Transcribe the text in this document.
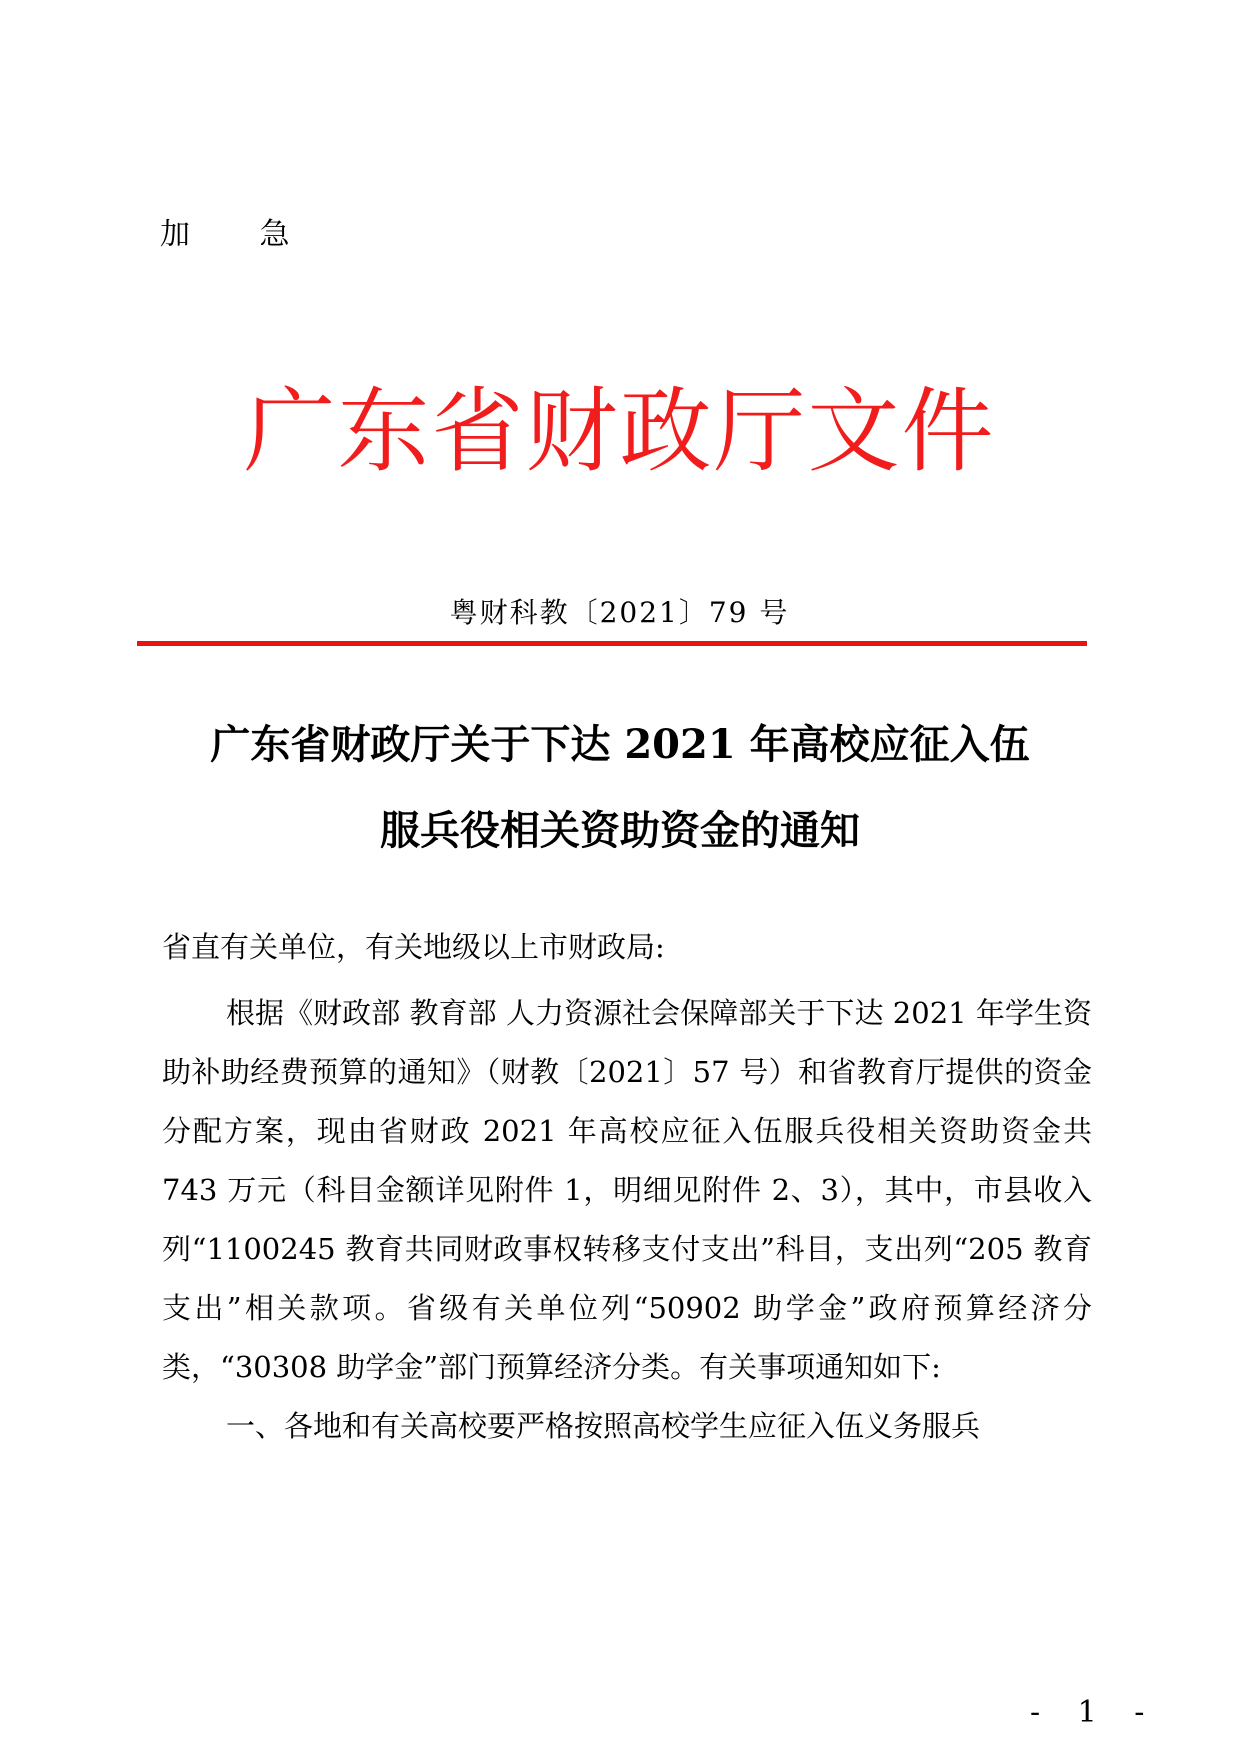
加 急
广东省财政厅文件
粤财科教〔2021〕79 号
广东省财政厅关于下达 2021 年高校应征入伍
服兵役相关资助资金的通知

省直有关单位，有关地级以上市财政局:

根据《财政部 教育部 人力资源社会保障部关于下达 2021 年学生资助补助经费预算的通知》（财教〔2021〕57 号）和省教育厅提供的资金分配方案，现由省财政 2021 年高校应征入伍服兵役相关资助资金共 743 万元（科目金额详见附件 1，明细见附件 2、3），其中，市县收入列“1100245 教育共同财政事权转移支付支出”科目，支出列“205 教育支出”相关款项。省级有关单位列“50902 助学金”政府预算经济分类，“30308 助学金”部门预算经济分类。有关事项通知如下:

一、各地和有关高校要严格按照高校学生应征入伍义务服兵

- 1 -
